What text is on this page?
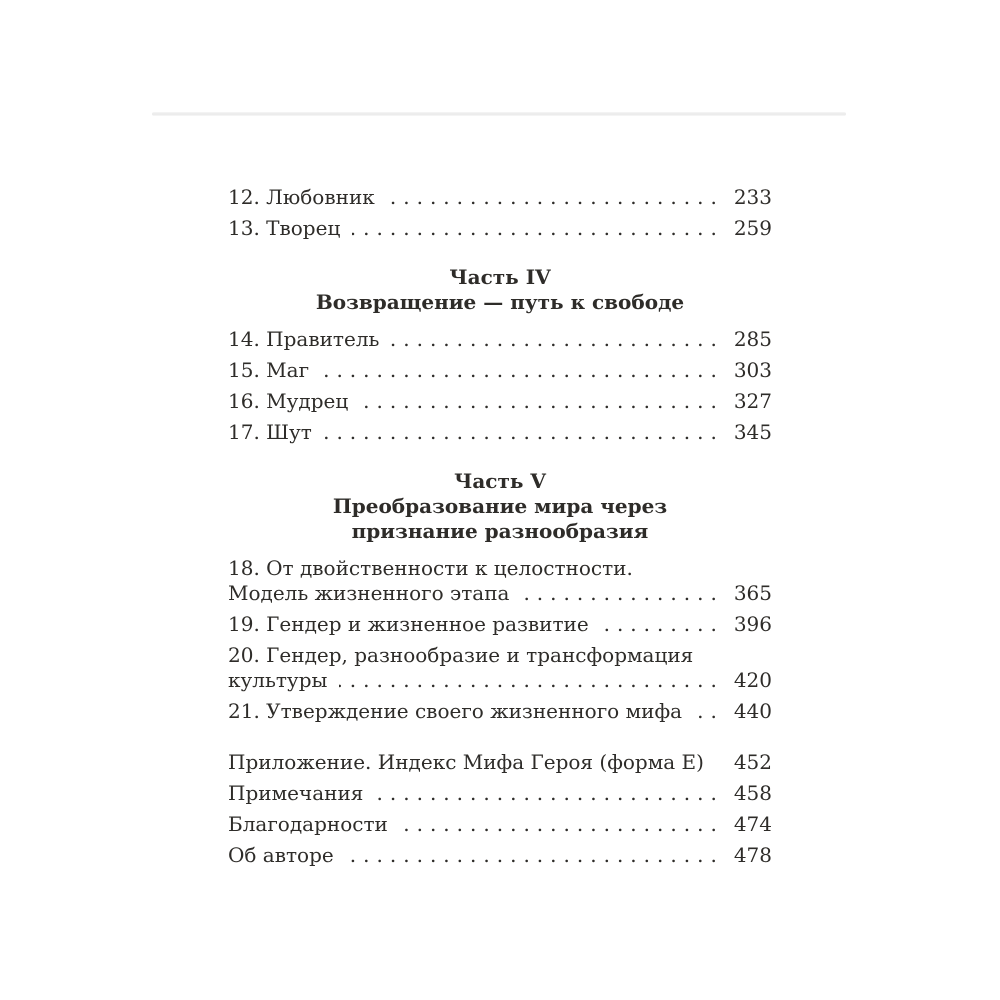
12. Любовник .....	233
13. Творец .....	259
Часть IV
Возвращение — путь к свободе
14. Правитель .....	285
15. Маг .....	303
16. Мудрец .....	327
17. Шут .....	345
Часть V
Преобразование мира через
признание разнообразия
18. От двойственности к целостности.
Модель жизненного этапа .....	365
19. Гендер и жизненное развитие .....	396
20. Гендер, разнообразие и трансформация
культуры .....	420
21. Утверждение своего жизненного мифа .....	440
Приложение. Индекс Мифа Героя (форма Е) ..... 452
Примечания .....	458
Благодарности .....	474
Об авторе .....	478
